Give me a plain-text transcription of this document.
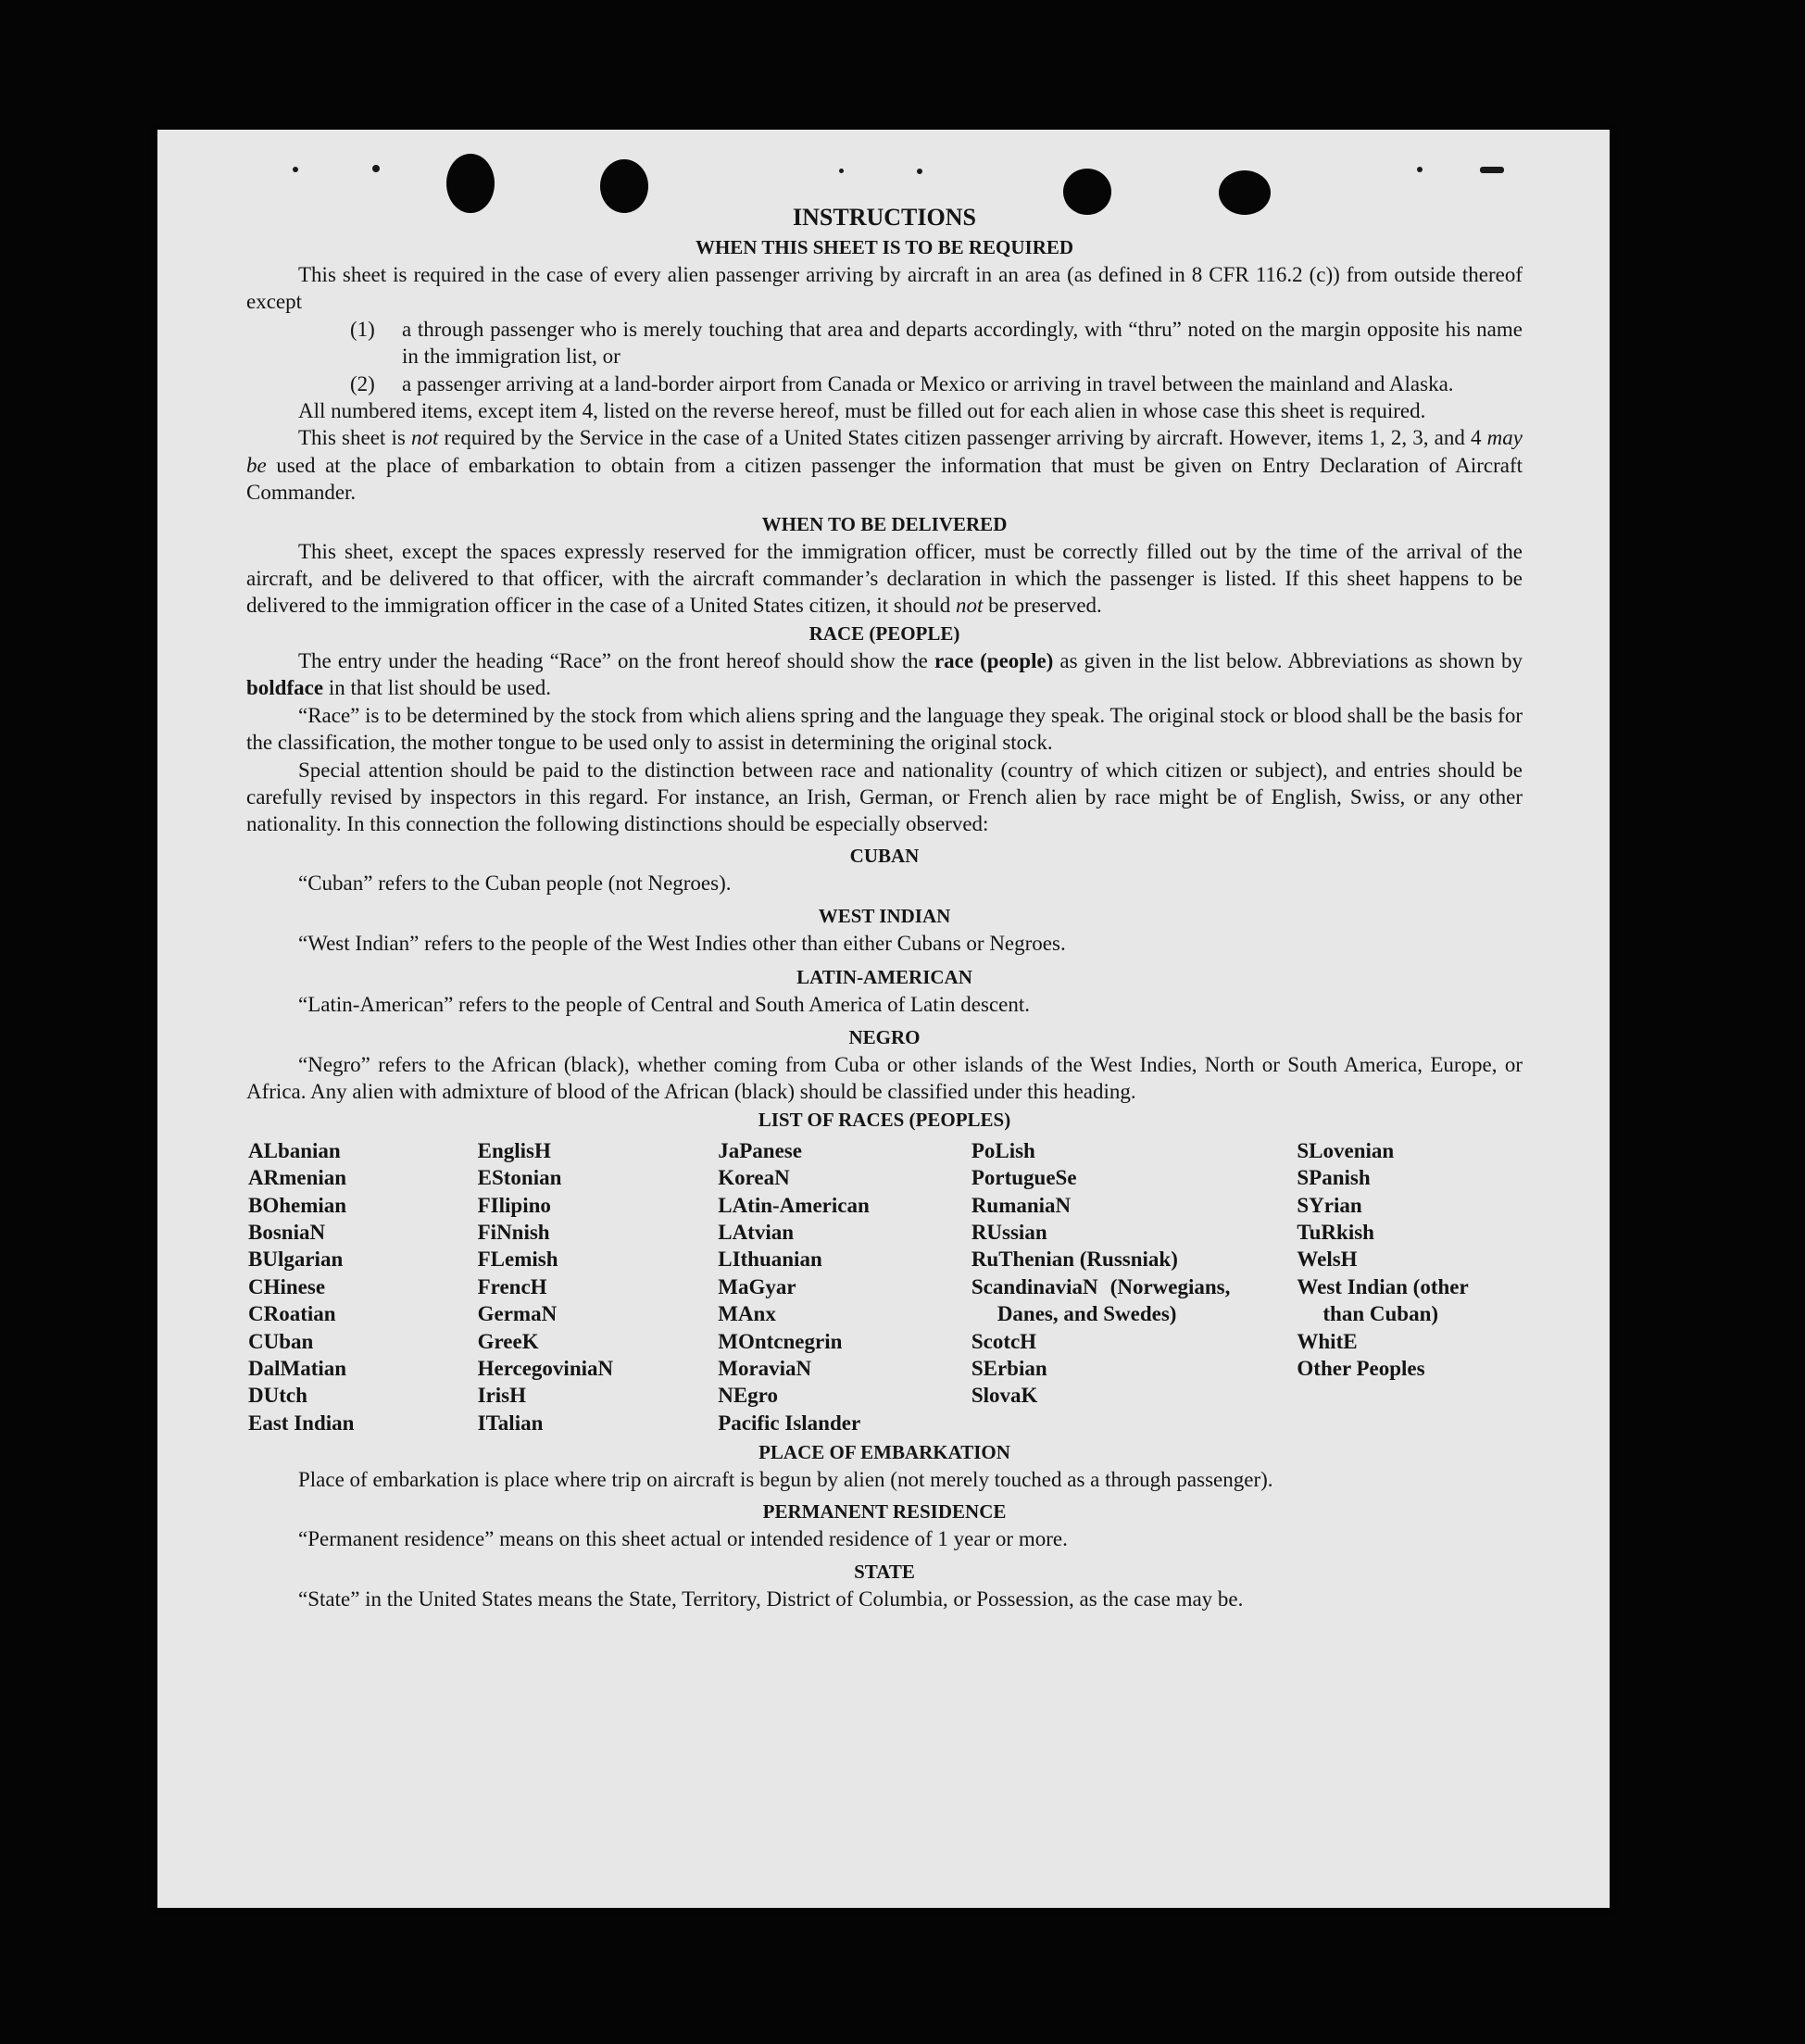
INSTRUCTIONS
WHEN THIS SHEET IS TO BE REQUIRED

This sheet is required in the case of every alien passenger arriving by aircraft in an area (as defined in 8 CFR 116.2 (c)) from outside thereof except

(1)	a through passenger who is merely touching that area and departs accordingly, with “thru” noted on the margin opposite his name in the immigration list, or
(2)	a passenger arriving at a land-border airport from Canada or Mexico or arriving in travel between the mainland and Alaska.

All numbered items, except item 4, listed on the reverse hereof, must be filled out for each alien in whose case this sheet is required.

This sheet is not required by the Service in the case of a United States citizen passenger arriving by aircraft. However, items 1, 2, 3, and 4 may be used at the place of embarkation to obtain from a citizen passenger the information that must be given on Entry Declaration of Aircraft Commander.

WHEN TO BE DELIVERED

This sheet, except the spaces expressly reserved for the immigration officer, must be correctly filled out by the time of the arrival of the aircraft, and be delivered to that officer, with the aircraft commander’s declaration in which the passenger is listed. If this sheet happens to be delivered to the immigration officer in the case of a United States citizen, it should not be preserved.

RACE (PEOPLE)

The entry under the heading “Race” on the front hereof should show the race (people) as given in the list below. Abbreviations as shown by boldface in that list should be used.

“Race” is to be determined by the stock from which aliens spring and the language they speak. The original stock or blood shall be the basis for the classification, the mother tongue to be used only to assist in determining the original stock.

Special attention should be paid to the distinction between race and nationality (country of which citizen or subject), and entries should be carefully revised by inspectors in this regard. For instance, an Irish, German, or French alien by race might be of English, Swiss, or any other nationality. In this connection the following distinctions should be especially observed:

CUBAN

“Cuban” refers to the Cuban people (not Negroes).

WEST INDIAN

“West Indian” refers to the people of the West Indies other than either Cubans or Negroes.

LATIN-AMERICAN

“Latin-American” refers to the people of Central and South America of Latin descent.

NEGRO

“Negro” refers to the African (black), whether coming from Cuba or other islands of the West Indies, North or South America, Europe, or Africa. Any alien with admixture of blood of the African (black) should be classified under this heading.

LIST OF RACES (PEOPLES)
ALbanian
ARmenian
BOhemian
BosniaN
BUlgarian
CHinese
CRoatian
CUban
DalMatian
DUtch
East Indian
EnglisH
EStonian
FIlipino
FiNnish
FLemish
FrencH
GermaN
GreeK
HercegoviniaN
IrisH
ITalian
JaPanese
KoreaN
LAtin-American
LAtvian
LIthuanian
MaGyar
MAnx
MOntcnegrin
MoraviaN
NEgro
Pacific Islander
PoLish
PortugueSe
RumaniaN
RUssian
RuThenian (Russniak)
ScandinaviaN (Norwegians, Danes, and Swedes)
ScotcH
SErbian
SlovaK
SLovenian
SPanish
SYrian
TuRkish
WelsH
West Indian (other
than Cuban)
WhitE
Other Peoples
PLACE OF EMBARKATION

Place of embarkation is place where trip on aircraft is begun by alien (not merely touched as a through passenger).

PERMANENT RESIDENCE

“Permanent residence” means on this sheet actual or intended residence of 1 year or more.

STATE

“State” in the United States means the State, Territory, District of Columbia, or Possession, as the case may be.
